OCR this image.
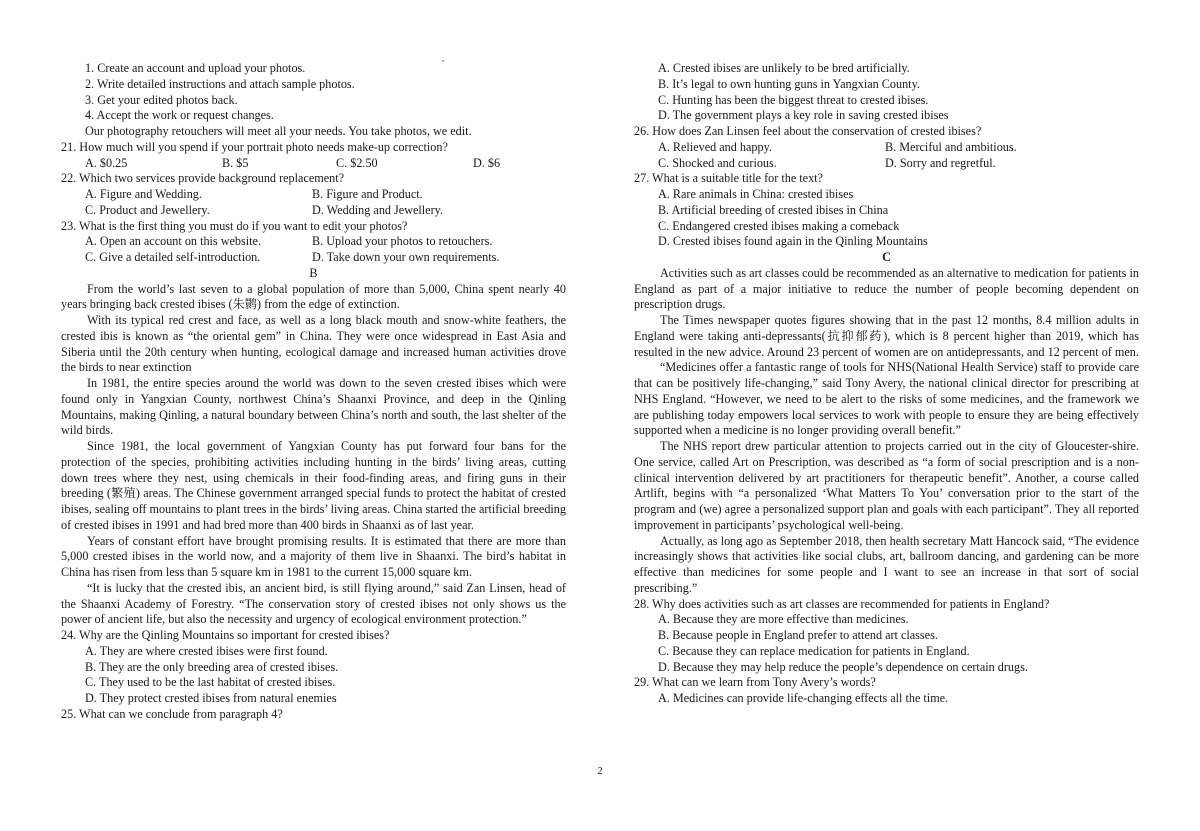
1. Create an account and upload your photos.
2. Write detailed instructions and attach sample photos.
3. Get your edited photos back.
4. Accept the work or request changes.
Our photography retouchers will meet all your needs. You take photos, we edit.
21. How much will you spend if your portrait photo needs make-up correction?
A. $0.25	B. $5	C. $2.50	D. $6
22. Which two services provide background replacement?
A. Figure and Wedding.	B. Figure and Product.
C. Product and Jewellery.	D. Wedding and Jewellery.
23. What is the first thing you must do if you want to edit your photos?
A. Open an account on this website.	B. Upload your photos to retouchers.
C. Give a detailed self-introduction.	D. Take down your own requirements.
B

From the world’s last seven to a global population of more than 5,000, China spent nearly 40 years bringing back crested ibises (朱鹮) from the edge of extinction.

With its typical red crest and face, as well as a long black mouth and snow-white feathers, the crested ibis is known as “the oriental gem” in China. They were once widespread in East Asia and Siberia until the 20th century when hunting, ecological damage and increased human activities drove the birds to near extinction

In 1981, the entire species around the world was down to the seven crested ibises which were found only in Yangxian County, northwest China’s Shaanxi Province, and deep in the Qinling Mountains, making Qinling, a natural boundary between China’s north and south, the last shelter of the wild birds.

Since 1981, the local government of Yangxian County has put forward four bans for the protection of the species, prohibiting activities including hunting in the birds’ living areas, cutting down trees where they nest, using chemicals in their food-finding areas, and firing guns in their breeding (繁殖) areas. The Chinese government arranged special funds to protect the habitat of crested ibises, sealing off mountains to plant trees in the birds’ living areas. China started the artificial breeding of crested ibises in 1991 and had bred more than 400 birds in Shaanxi as of last year.

Years of constant effort have brought promising results. It is estimated that there are more than 5,000 crested ibises in the world now, and a majority of them live in Shaanxi. The bird’s habitat in China has risen from less than 5 square km in 1981 to the current 15,000 square km.

“It is lucky that the crested ibis, an ancient bird, is still flying around,” said Zan Linsen, head of the Shaanxi Academy of Forestry. “The conservation story of crested ibises not only shows us the power of ancient life, but also the necessity and urgency of ecological environment protection.”

24. Why are the Qinling Mountains so important for crested ibises?
A. They are where crested ibises were first found.
B. They are the only breeding area of crested ibises.
C. They used to be the last habitat of crested ibises.
D. They protect crested ibises from natural enemies
25. What can we conclude from paragraph 4?
A. Crested ibises are unlikely to be bred artificially.
B. It’s legal to own hunting guns in Yangxian County.
C. Hunting has been the biggest threat to crested ibises.
D. The government plays a key role in saving crested ibises
26. How does Zan Linsen feel about the conservation of crested ibises?
A. Relieved and happy.	B. Merciful and ambitious.
C. Shocked and curious.	D. Sorry and regretful.
27. What is a suitable title for the text?
A. Rare animals in China: crested ibises
B. Artificial breeding of crested ibises in China
C. Endangered crested ibises making a comeback
D. Crested ibises found again in the Qinling Mountains
C

Activities such as art classes could be recommended as an alternative to medication for patients in England as part of a major initiative to reduce the number of people becoming dependent on prescription drugs.

The Times newspaper quotes figures showing that in the past 12 months, 8.4 million adults in England were taking anti-depressants(抗抑郁药), which is 8 percent higher than 2019, which has resulted in the new advice. Around 23 percent of women are on antidepressants, and 12 percent of men.

“Medicines offer a fantastic range of tools for NHS(National Health Service) staff to provide care that can be positively life-changing,” said Tony Avery, the national clinical director for prescribing at NHS England. “However, we need to be alert to the risks of some medicines, and the framework we are publishing today empowers local services to work with people to ensure they are being effectively supported when a medicine is no longer providing overall benefit.”

The NHS report drew particular attention to projects carried out in the city of Gloucester-shire. One service, called Art on Prescription, was described as “a form of social prescription and is a non-clinical intervention delivered by art practitioners for therapeutic benefit”. Another, a course called Artlift, begins with “a personalized ‘What Matters To You’ conversation prior to the start of the program and (we) agree a personalized support plan and goals with each participant”. They all reported improvement in participants’ psychological well-being.

Actually, as long ago as September 2018, then health secretary Matt Hancock said, “The evidence increasingly shows that activities like social clubs, art, ballroom dancing, and gardening can be more effective than medicines for some people and I want to see an increase in that sort of social prescribing.”

28. Why does activities such as art classes are recommended for patients in England?
A. Because they are more effective than medicines.
B. Because people in England prefer to attend art classes.
C. Because they can replace medication for patients in England.
D. Because they may help reduce the people’s dependence on certain drugs.
29. What can we learn from Tony Avery’s words?
A. Medicines can provide life-changing effects all the time.
2
